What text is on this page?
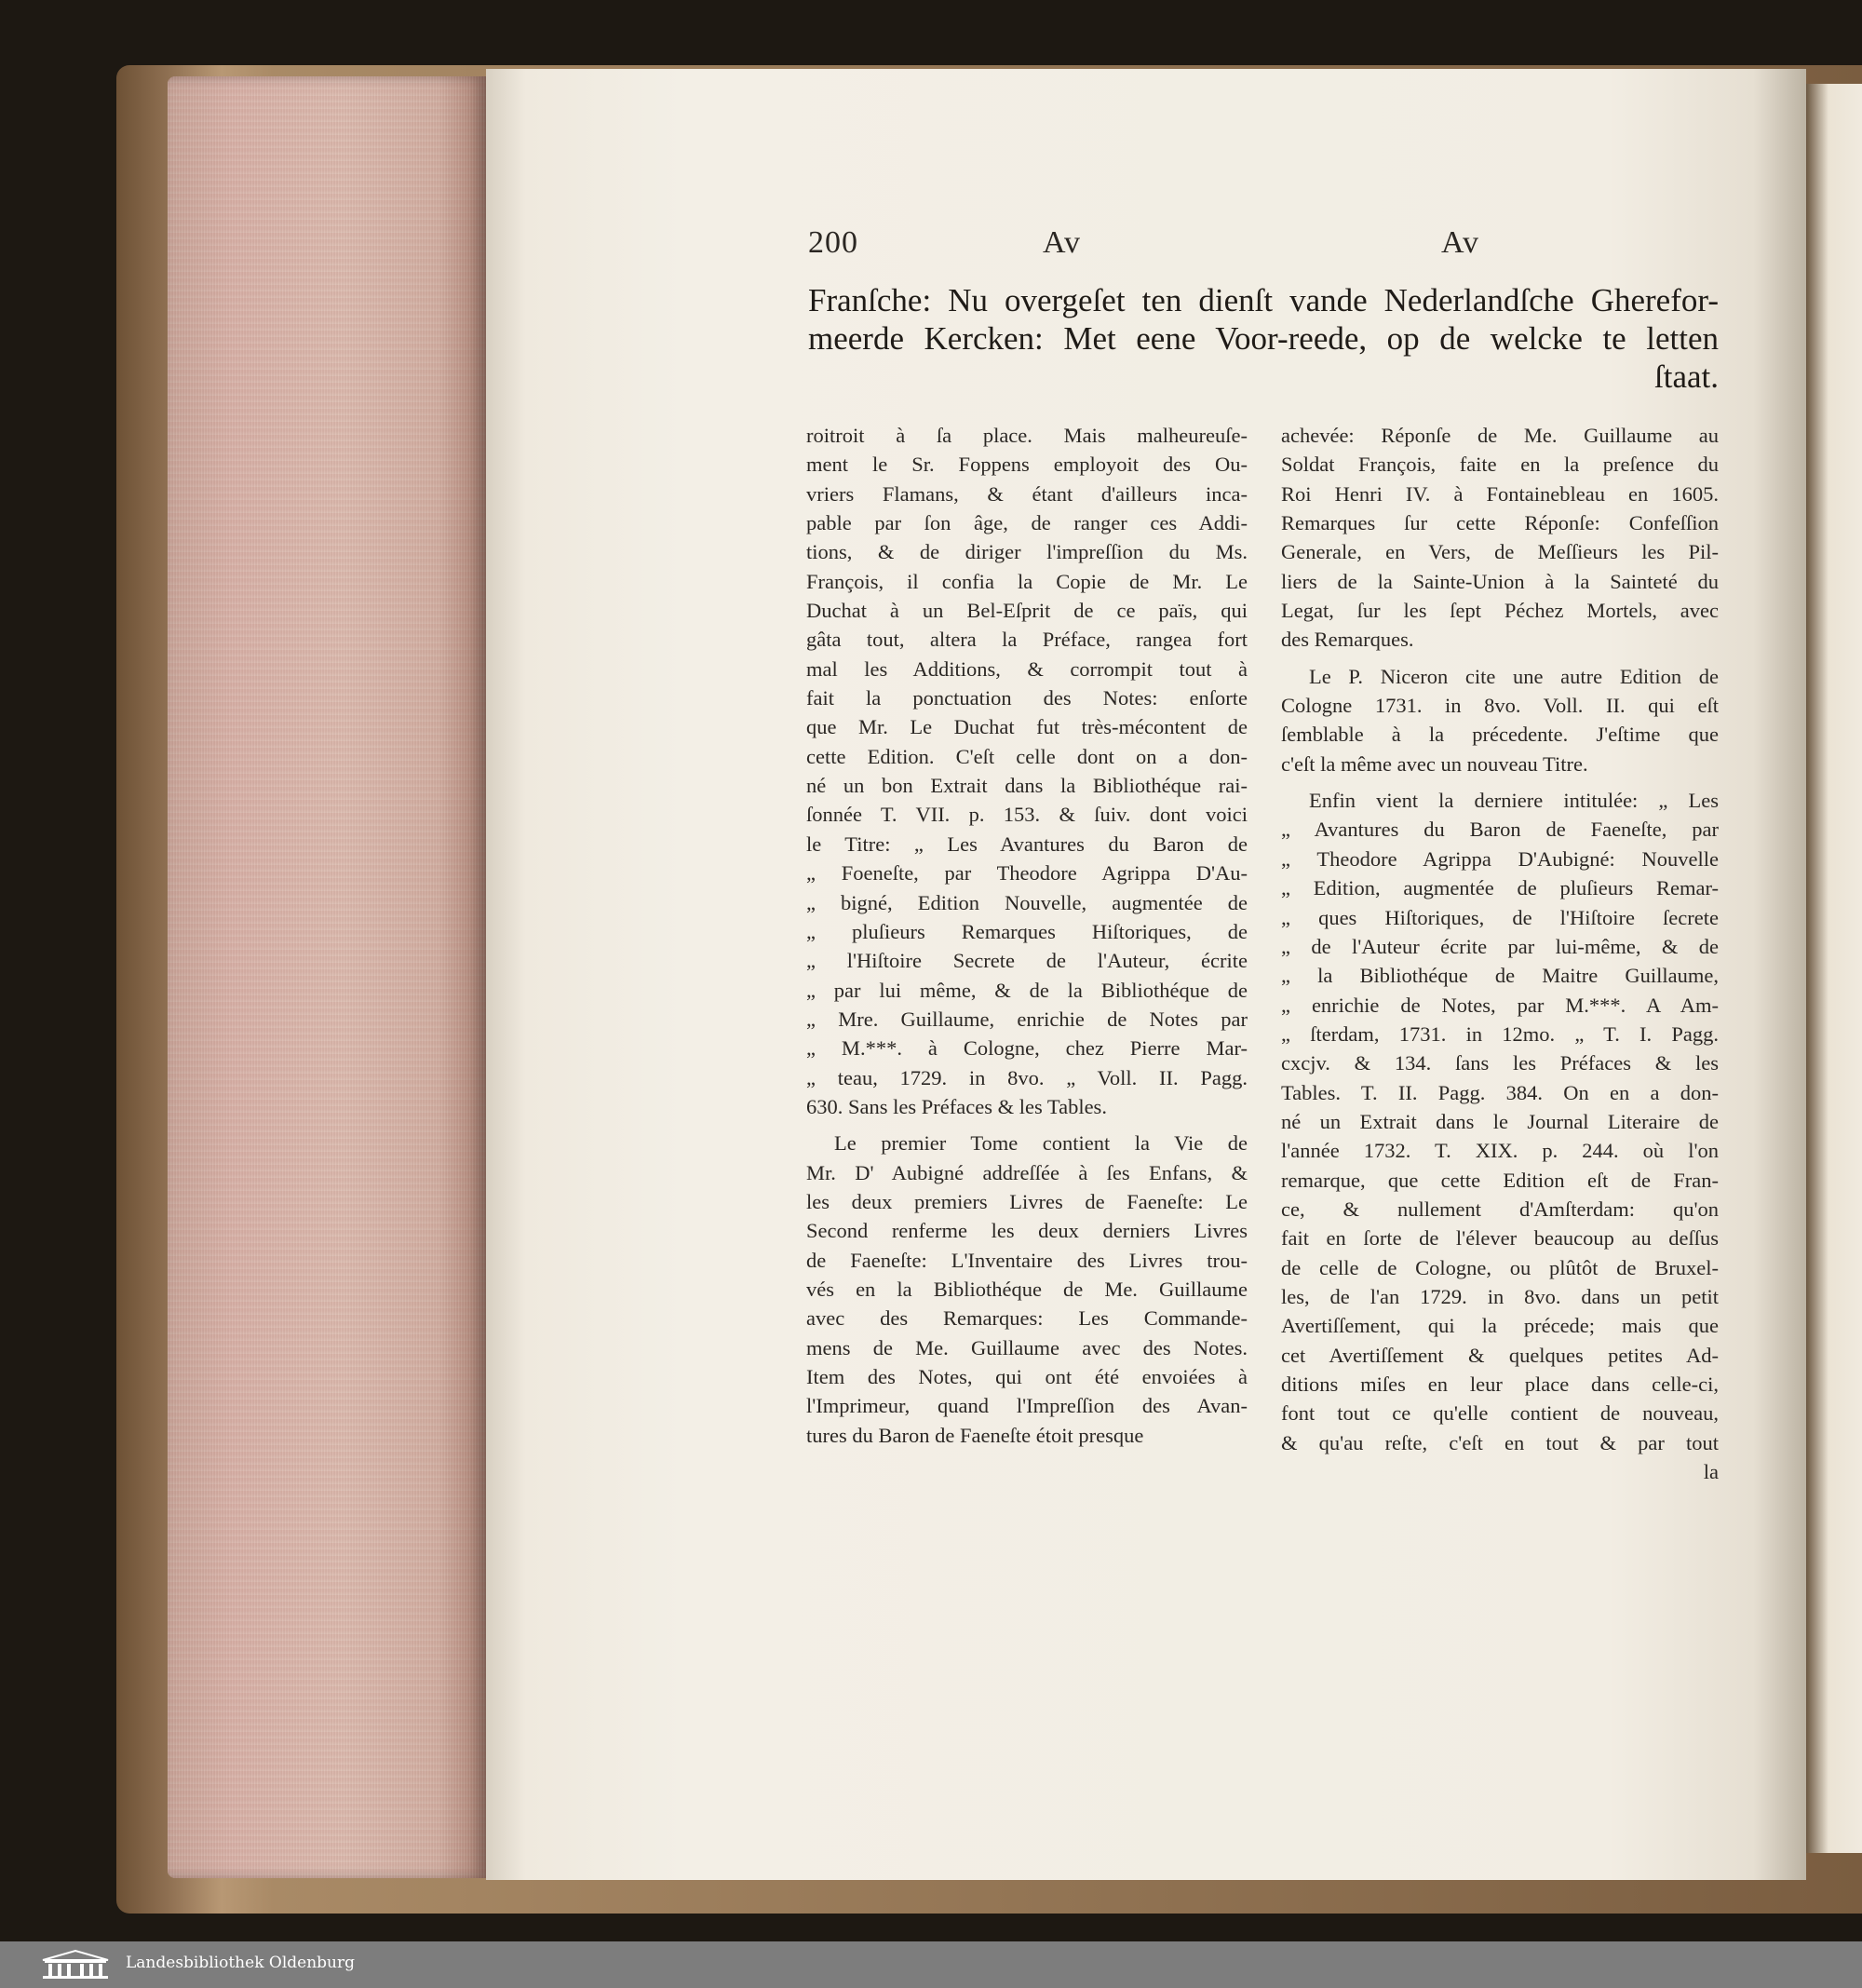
200	Av	Av
Franſche: Nu overgeſet ten dienſt vande Nederlandſche Gherefor-
meerde Kercken: Met eene Voor-reede, op de welcke te letten
ſtaat.
roitroit à ſa place. Mais malheureuſe-
ment le Sr. Foppens employoit des Ou-
vriers Flamans, & étant d'ailleurs inca-
pable par ſon âge, de ranger ces Addi-
tions, & de diriger l'impreſſion du Ms.
François, il confia la Copie de Mr. Le
Duchat à un Bel-Eſprit de ce païs, qui
gâta tout, altera la Préface, rangea fort
mal les Additions, & corrompit tout à
fait la ponctuation des Notes: enſorte
que Mr. Le Duchat fut très-mécontent de
cette Edition. C'eſt celle dont on a don-
né un bon Extrait dans la Bibliothéque rai-
ſonnée T. VII. p. 153. & ſuiv. dont voici
le Titre: „ Les Avantures du Baron de
„ Foeneſte, par Theodore Agrippa D'Au-
„ bigné, Edition Nouvelle, augmentée de
„ pluſieurs Remarques Hiſtoriques, de
„ l'Hiſtoire Secrete de l'Auteur, écrite
„ par lui même, & de la Bibliothéque de
„ Mre. Guillaume, enrichie de Notes par
„ M.***. à Cologne, chez Pierre Mar-
„ teau, 1729. in 8vo. „ Voll. II. Pagg.
630. Sans les Préfaces & les Tables.
Le premier Tome contient la Vie de
Mr. D' Aubigné addreſſée à ſes Enfans, &
les deux premiers Livres de Faeneſte: Le
Second renferme les deux derniers Livres
de Faeneſte: L'Inventaire des Livres trou-
vés en la Bibliothéque de Me. Guillaume
avec des Remarques: Les Commande-
mens de Me. Guillaume avec des Notes.
Item des Notes, qui ont été envoiées à
l'Imprimeur, quand l'Impreſſion des Avan-
tures du Baron de Faeneſte étoit presque
achevée: Réponſe de Me. Guillaume au
Soldat François, faite en la preſence du
Roi Henri IV. à Fontainebleau en 1605.
Remarques ſur cette Réponſe: Confeſſion
Generale, en Vers, de Meſſieurs les Pil-
liers de la Sainte-Union à la Sainteté du
Legat, ſur les ſept Péchez Mortels, avec
des Remarques.
Le P. Niceron cite une autre Edition de
Cologne 1731. in 8vo. Voll. II. qui eſt
ſemblable à la précedente. J'eſtime que
c'eſt la même avec un nouveau Titre.
Enfin vient la derniere intitulée: „ Les
„ Avantures du Baron de Faeneſte, par
„ Theodore Agrippa D'Aubigné: Nouvelle
„ Edition, augmentée de pluſieurs Remar-
„ ques Hiſtoriques, de l'Hiſtoire ſecrete
„ de l'Auteur écrite par lui-même, & de
„ la Bibliothéque de Maitre Guillaume,
„ enrichie de Notes, par M.***. A Am-
„ ſterdam, 1731. in 12mo. „ T. I. Pagg.
cxcjv. & 134. ſans les Préfaces & les
Tables. T. II. Pagg. 384. On en a don-
né un Extrait dans le Journal Literaire de
l'année 1732. T. XIX. p. 244. où l'on
remarque, que cette Edition eſt de Fran-
ce, & nullement d'Amſterdam: qu'on
fait en ſorte de l'élever beaucoup au deſſus
de celle de Cologne, ou plûtôt de Bruxel-
les, de l'an 1729. in 8vo. dans un petit
Avertiſſement, qui la précede; mais que
cet Avertiſſement & quelques petites Ad-
ditions miſes en leur place dans celle-ci,
font tout ce qu'elle contient de nouveau,
& qu'au reſte, c'eſt en tout & par tout
la
Landesbibliothek Oldenburg
